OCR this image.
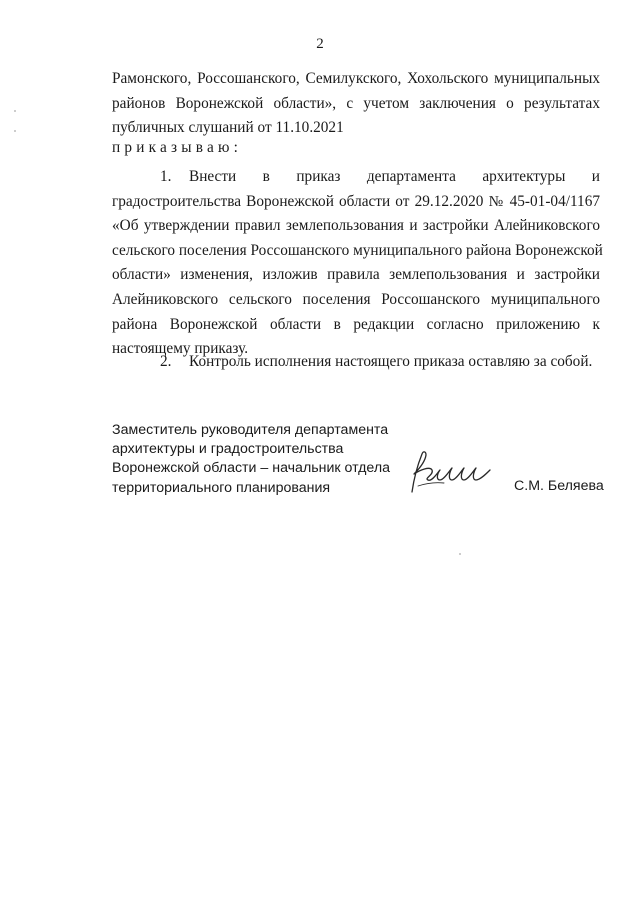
2
Рамонского, Россошанского, Семилукского, Хохольского муниципальных
районов Воронежской области», с учетом заключения о результатах
публичных слушаний от 11.10.2021
приказываю:
1. Внести в приказ департамента архитектуры и
градостроительства Воронежской области от 29.12.2020 № 45-01-04/1167
«Об утверждении правил землепользования и застройки Алейниковского
сельского поселения Россошанского муниципального района Воронежской
области» изменения, изложив правила землепользования и застройки
Алейниковского сельского поселения Россошанского муниципального
района Воронежской области в редакции согласно приложению к
настоящему приказу.
2. Контроль исполнения настоящего приказа оставляю за собой.
Заместитель руководителя департамента
архитектуры и градостроительства
Воронежской области – начальник отдела
территориального планирования	С.М. Беляева
